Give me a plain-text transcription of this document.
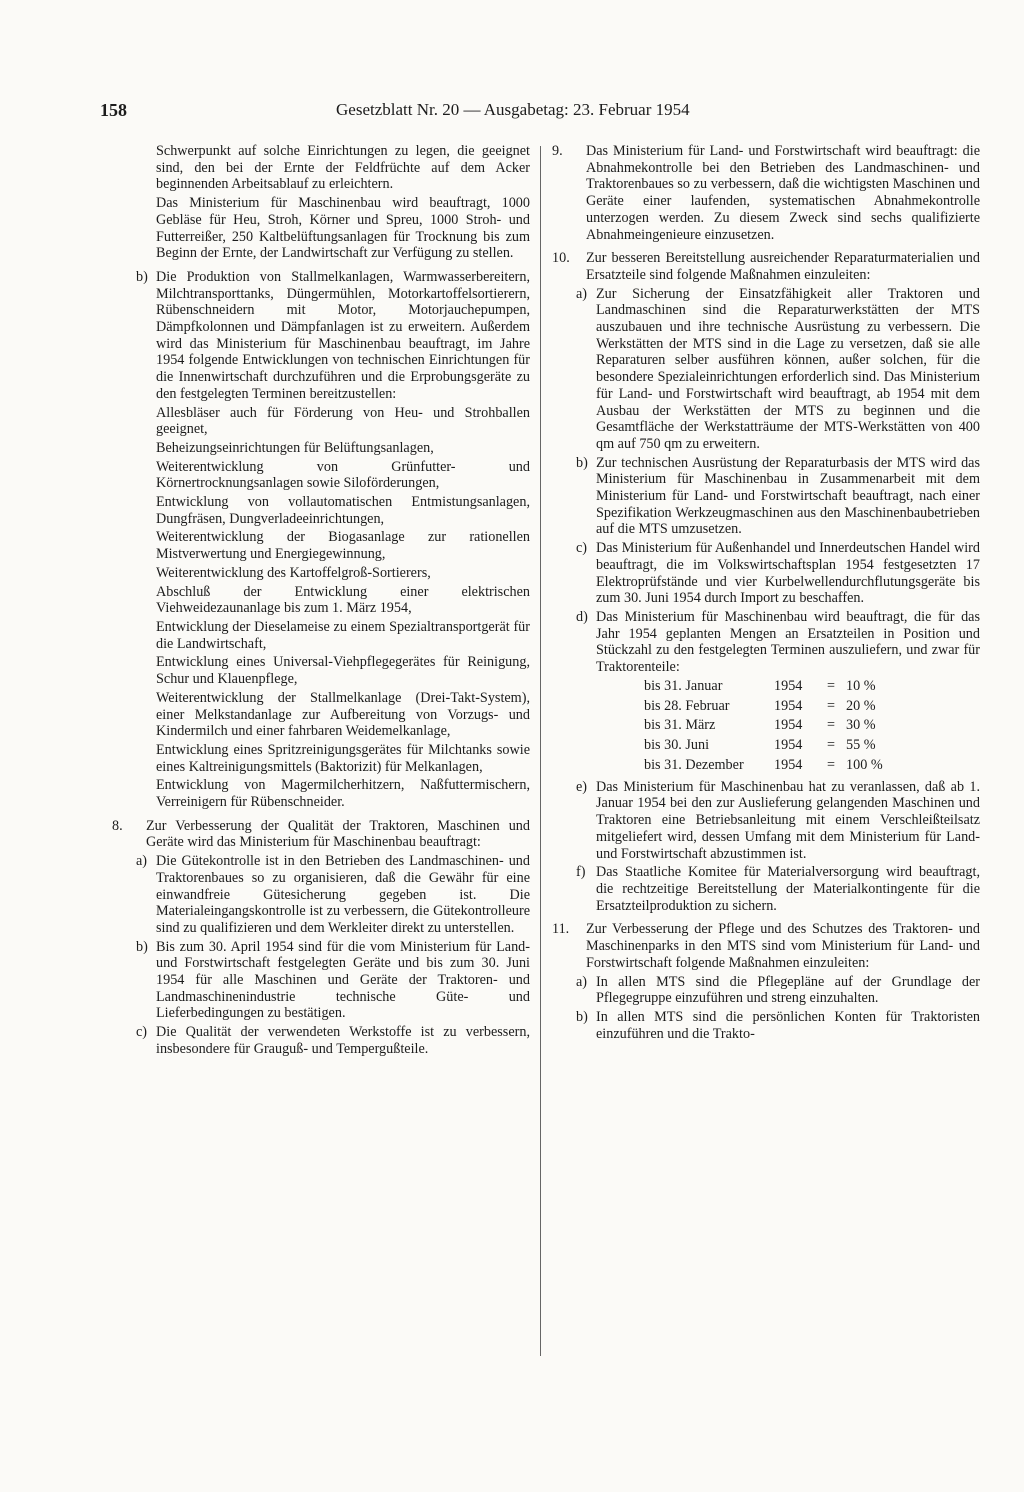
158	Gesetzblatt Nr. 20 — Ausgabetag: 23. Februar 1954
Schwerpunkt auf solche Einrichtungen zu legen, die geeignet sind, den bei der Ernte der Feldfrüchte auf dem Acker beginnenden Arbeitsablauf zu erleichtern.
Das Ministerium für Maschinenbau wird beauftragt, 1000 Gebläse für Heu, Stroh, Körner und Spreu, 1000 Stroh- und Futterreißer, 250 Kaltbelüftungsanlagen für Trocknung bis zum Beginn der Ernte, der Landwirtschaft zur Verfügung zu stellen.
b) Die Produktion von Stallmelkanlagen, Warmwasserbereitern, Milchtransporttanks, Düngermühlen, Motorkartoffelsortierern, Rübenschneidern mit Motor, Motorjauchepumpen, Dämpfkolonnen und Dämpfanlagen ist zu erweitern. Außerdem wird das Ministerium für Maschinenbau beauftragt, im Jahre 1954 folgende Entwicklungen von technischen Einrichtungen für die Innenwirtschaft durchzuführen und die Erprobungsgeräte zu den festgelegten Terminen bereitzustellen:
Allesbläser auch für Förderung von Heu- und Strohballen geeignet,
Beheizungseinrichtungen für Belüftungsanlagen,
Weiterentwicklung von Grünfutter- und Körnertrocknungsanlagen sowie Siloförderungen,
Entwicklung von vollautomatischen Entmistungsanlagen, Dungfräsen, Dungverladeeinrichtungen,
Weiterentwicklung der Biogasanlage zur rationellen Mistverwertung und Energiegewinnung,
Weiterentwicklung des Kartoffelgroß-Sortierers,
Abschluß der Entwicklung einer elektrischen Viehweidezaunanlage bis zum 1. März 1954,
Entwicklung der Dieselameise zu einem Spezialtransportgerät für die Landwirtschaft,
Entwicklung eines Universal-Viehpflegegerätes für Reinigung, Schur und Klauenpflege,
Weiterentwicklung der Stallmelkanlage (Drei-Takt-System), einer Melkstandanlage zur Aufbereitung von Vorzugs- und Kindermilch und einer fahrbaren Weidemelkanlage,
Entwicklung eines Spritzreinigungsgerätes für Milchtanks sowie eines Kaltreinigungsmittels (Baktorizit) für Melkanlagen,
Entwicklung von Magermilcherhitzern, Naßfuttermischern, Verreinigern für Rübenschneider.
8. Zur Verbesserung der Qualität der Traktoren, Maschinen und Geräte wird das Ministerium für Maschinenbau beauftragt:
a) Die Gütekontrolle ist in den Betrieben des Landmaschinen- und Traktorenbaues so zu organisieren, daß die Gewähr für eine einwandfreie Gütesicherung gegeben ist. Die Materialeingangskontrolle ist zu verbessern, die Gütekontrolleure sind zu qualifizieren und dem Werkleiter direkt zu unterstellen.
b) Bis zum 30. April 1954 sind für die vom Ministerium für Land- und Forstwirtschaft festgelegten Geräte und bis zum 30. Juni 1954 für alle Maschinen und Geräte der Traktoren- und Landmaschinenindustrie technische Güte- und Lieferbedingungen zu bestätigen.
c) Die Qualität der verwendeten Werkstoffe ist zu verbessern, insbesondere für Grauguß- und Tempergußteile.
9. Das Ministerium für Land- und Forstwirtschaft wird beauftragt: die Abnahmekontrolle bei den Betrieben des Landmaschinen- und Traktorenbaues so zu verbessern, daß die wichtigsten Maschinen und Geräte einer laufenden, systematischen Abnahmekontrolle unterzogen werden. Zu diesem Zweck sind sechs qualifizierte Abnahmeingenieure einzusetzen.
10. Zur besseren Bereitstellung ausreichender Reparaturmaterialien und Ersatzteile sind folgende Maßnahmen einzuleiten:
a) Zur Sicherung der Einsatzfähigkeit aller Traktoren und Landmaschinen sind die Reparaturwerkstätten der MTS auszubauen und ihre technische Ausrüstung zu verbessern. Die Werkstätten der MTS sind in die Lage zu versetzen, daß sie alle Reparaturen selber ausführen können, außer solchen, für die besondere Spezialeinrichtungen erforderlich sind. Das Ministerium für Land- und Forstwirtschaft wird beauftragt, ab 1954 mit dem Ausbau der Werkstätten der MTS zu beginnen und die Gesamtfläche der Werkstatträume der MTS-Werkstätten von 400 qm auf 750 qm zu erweitern.
b) Zur technischen Ausrüstung der Reparaturbasis der MTS wird das Ministerium für Maschinenbau in Zusammenarbeit mit dem Ministerium für Land- und Forstwirtschaft beauftragt, nach einer Spezifikation Werkzeugmaschinen aus den Maschinenbaubetrieben auf die MTS umzusetzen.
c) Das Ministerium für Außenhandel und Innerdeutschen Handel wird beauftragt, die im Volkswirtschaftsplan 1954 festgesetzten 17 Elektroprüfstände und vier Kurbelwellendurchflutungsgeräte bis zum 30. Juni 1954 durch Import zu beschaffen.
d) Das Ministerium für Maschinenbau wird beauftragt, die für das Jahr 1954 geplanten Mengen an Ersatzteilen in Position und Stückzahl zu den festgelegten Terminen auszuliefern, und zwar für Traktorenteile:
bis 31. Januar	1954	=	10 %
bis 28. Februar	1954	=	20 %
bis 31. März	1954	=	30 %
bis 30. Juni	1954	=	55 %
bis 31. Dezember	1954	=	100 %
e) Das Ministerium für Maschinenbau hat zu veranlassen, daß ab 1. Januar 1954 bei den zur Auslieferung gelangenden Maschinen und Traktoren eine Betriebsanleitung mit einem Verschleißteilsatz mitgeliefert wird, dessen Umfang mit dem Ministerium für Land- und Forstwirtschaft abzustimmen ist.
f) Das Staatliche Komitee für Materialversorgung wird beauftragt, die rechtzeitige Bereitstellung der Materialkontingente für die Ersatzteilproduktion zu sichern.
11. Zur Verbesserung der Pflege und des Schutzes des Traktoren- und Maschinenparks in den MTS sind vom Ministerium für Land- und Forstwirtschaft folgende Maßnahmen einzuleiten:
a) In allen MTS sind die Pflegepläne auf der Grundlage der Pflegegruppe einzuführen und streng einzuhalten.
b) In allen MTS sind die persönlichen Konten für Traktoristen einzuführen und die Trakto-
